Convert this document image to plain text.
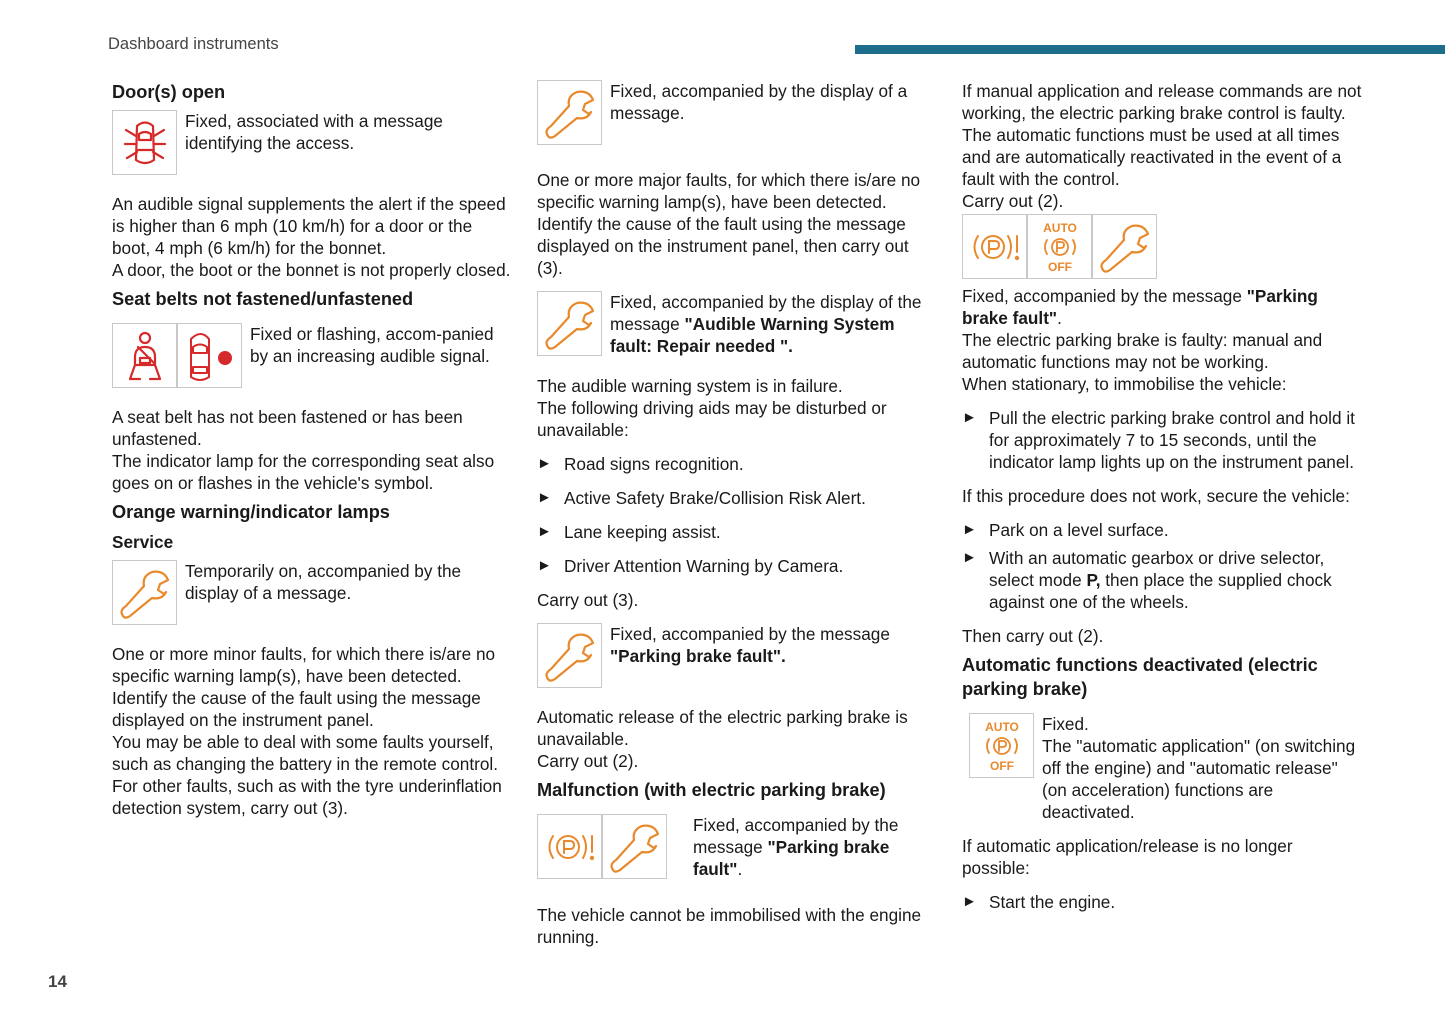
Dashboard instruments
Door(s) open
Fixed, associated with a message identifying the access.

An audible signal supplements the alert if the speed is higher than 6 mph (10 km/h) for a door or the boot, 4 mph (6 km/h) for the bonnet.

A door, the boot or the bonnet is not properly closed.

Seat belts not fastened/unfastened
Fixed or flashing, accom-panied by an increasing audible signal.

A seat belt has not been fastened or has been unfastened.

The indicator lamp for the corresponding seat also goes on or flashes in the vehicle's symbol.

Orange warning/indicator lamps
Service
Temporarily on, accompanied by the display of a message.

One or more minor faults, for which there is/are no specific warning lamp(s), have been detected.

Identify the cause of the fault using the message displayed on the instrument panel.

You may be able to deal with some faults yourself, such as changing the battery in the remote control.

For other faults, such as with the tyre underinflation detection system, carry out (3).

Fixed, accompanied by the display of a message.

One or more major faults, for which there is/are no specific warning lamp(s), have been detected.

Identify the cause of the fault using the message displayed on the instrument panel, then carry out (3).

Fixed, accompanied by the display of the message "Audible Warning System fault: Repair needed ".

The audible warning system is in failure.

The following driving aids may be disturbed or unavailable:

► Road signs recognition.
► Active Safety Brake/Collision Risk Alert.
► Lane keeping assist.
► Driver Attention Warning by Camera.

Carry out (3).

Fixed, accompanied by the message "Parking brake fault".

Automatic release of the electric parking brake is unavailable.

Carry out (2).

Malfunction (with electric parking brake)
Fixed, accompanied by the message "Parking brake fault".

The vehicle cannot be immobilised with the engine running.

If manual application and release commands are not working, the electric parking brake control is faulty.

The automatic functions must be used at all times and are automatically reactivated in the event of a fault with the control.

Carry out (2).

AUTO
OFF

Fixed, accompanied by the message "Parking brake fault".

The electric parking brake is faulty: manual and automatic functions may not be working.

When stationary, to immobilise the vehicle:

► Pull the electric parking brake control and hold it for approximately 7 to 15 seconds, until the indicator lamp lights up on the instrument panel.

If this procedure does not work, secure the vehicle:

► Park on a level surface.
► With an automatic gearbox or drive selector, select mode P, then place the supplied chock against one of the wheels.

Then carry out (2).

Automatic functions deactivated (electric parking brake)
AUTO
OFF

Fixed.

The "automatic application" (on switching off the engine) and "automatic release" (on acceleration) functions are deactivated.

If automatic application/release is no longer possible:

► Start the engine.
14
